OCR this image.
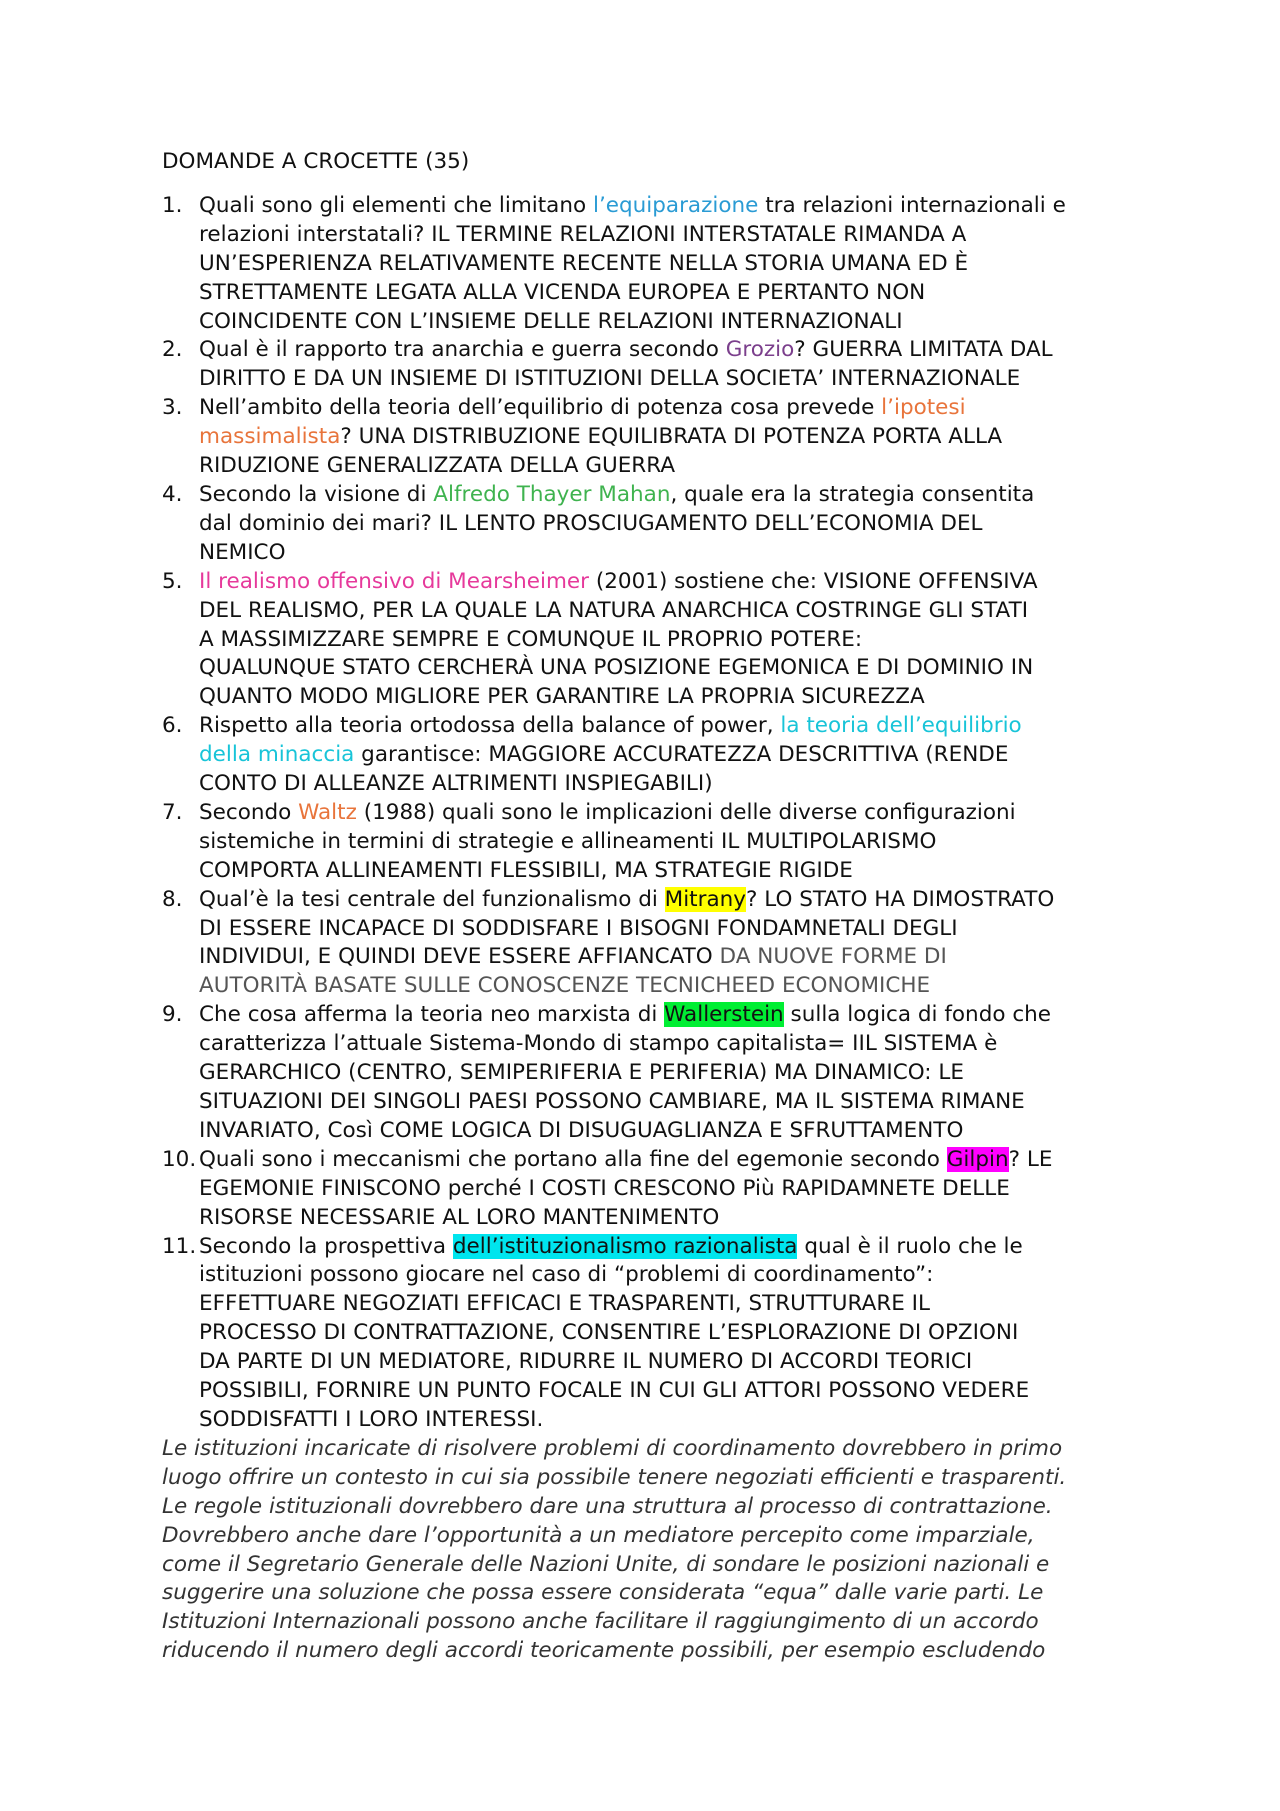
DOMANDE A CROCETTE (35)
1. Quali sono gli elementi che limitano l’equiparazione tra relazioni internazionali e
relazioni interstatali? IL TERMINE RELAZIONI INTERSTATALE RIMANDA A
UN’ESPERIENZA RELATIVAMENTE RECENTE NELLA STORIA UMANA ED È
STRETTAMENTE LEGATA ALLA VICENDA EUROPEA E PERTANTO NON
COINCIDENTE CON L’INSIEME DELLE RELAZIONI INTERNAZIONALI
2. Qual è il rapporto tra anarchia e guerra secondo Grozio? GUERRA LIMITATA DAL
DIRITTO E DA UN INSIEME DI ISTITUZIONI DELLA SOCIETA’ INTERNAZIONALE
3. Nell’ambito della teoria dell’equilibrio di potenza cosa prevede l’ipotesi
massimalista? UNA DISTRIBUZIONE EQUILIBRATA DI POTENZA PORTA ALLA
RIDUZIONE GENERALIZZATA DELLA GUERRA
4. Secondo la visione di Alfredo Thayer Mahan, quale era la strategia consentita
dal dominio dei mari? IL LENTO PROSCIUGAMENTO DELL’ECONOMIA DEL
NEMICO
5. Il realismo offensivo di Mearsheimer (2001) sostiene che: VISIONE OFFENSIVA
DEL REALISMO, PER LA QUALE LA NATURA ANARCHICA COSTRINGE GLI STATI
A MASSIMIZZARE SEMPRE E COMUNQUE IL PROPRIO POTERE:
QUALUNQUE STATO CERCHERÀ UNA POSIZIONE EGEMONICA E DI DOMINIO IN
QUANTO MODO MIGLIORE PER GARANTIRE LA PROPRIA SICUREZZA
6. Rispetto alla teoria ortodossa della balance of power, la teoria dell’equilibrio
della minaccia garantisce: MAGGIORE ACCURATEZZA DESCRITTIVA (RENDE
CONTO DI ALLEANZE ALTRIMENTI INSPIEGABILI)
7. Secondo Waltz (1988) quali sono le implicazioni delle diverse configurazioni
sistemiche in termini di strategie e allineamenti IL MULTIPOLARISMO
COMPORTA ALLINEAMENTI FLESSIBILI, MA STRATEGIE RIGIDE
8. Qual’è la tesi centrale del funzionalismo di Mitrany? LO STATO HA DIMOSTRATO
DI ESSERE INCAPACE DI SODDISFARE I BISOGNI FONDAMNETALI DEGLI
INDIVIDUI, E QUINDI DEVE ESSERE AFFIANCATO DA NUOVE FORME DI
AUTORITÀ BASATE SULLE CONOSCENZE TECNICHEED ECONOMICHE
9. Che cosa afferma la teoria neo marxista di Wallerstein sulla logica di fondo che
caratterizza l’attuale Sistema-Mondo di stampo capitalista= IIL SISTEMA è
GERARCHICO (CENTRO, SEMIPERIFERIA E PERIFERIA) MA DINAMICO: LE
SITUAZIONI DEI SINGOLI PAESI POSSONO CAMBIARE, MA IL SISTEMA RIMANE
INVARIATO, Così COME LOGICA DI DISUGUAGLIANZA E SFRUTTAMENTO
10. Quali sono i meccanismi che portano alla fine del egemonie secondo Gilpin? LE
EGEMONIE FINISCONO perché I COSTI CRESCONO Più RAPIDAMNETE DELLE
RISORSE NECESSARIE AL LORO MANTENIMENTO
11. Secondo la prospettiva dell’istituzionalismo razionalista qual è il ruolo che le
istituzioni possono giocare nel caso di “problemi di coordinamento”:
EFFETTUARE NEGOZIATI EFFICACI E TRASPARENTI, STRUTTURARE IL
PROCESSO DI CONTRATTAZIONE, CONSENTIRE L’ESPLORAZIONE DI OPZIONI
DA PARTE DI UN MEDIATORE, RIDURRE IL NUMERO DI ACCORDI TEORICI
POSSIBILI, FORNIRE UN PUNTO FOCALE IN CUI GLI ATTORI POSSONO VEDERE
SODDISFATTI I LORO INTERESSI.
Le istituzioni incaricate di risolvere problemi di coordinamento dovrebbero in primo
luogo offrire un contesto in cui sia possibile tenere negoziati efficienti e trasparenti.
Le regole istituzionali dovrebbero dare una struttura al processo di contrattazione.
Dovrebbero anche dare l’opportunità a un mediatore percepito come imparziale,
come il Segretario Generale delle Nazioni Unite, di sondare le posizioni nazionali e
suggerire una soluzione che possa essere considerata “equa” dalle varie parti. Le
Istituzioni Internazionali possono anche facilitare il raggiungimento di un accordo
riducendo il numero degli accordi teoricamente possibili, per esempio escludendo
